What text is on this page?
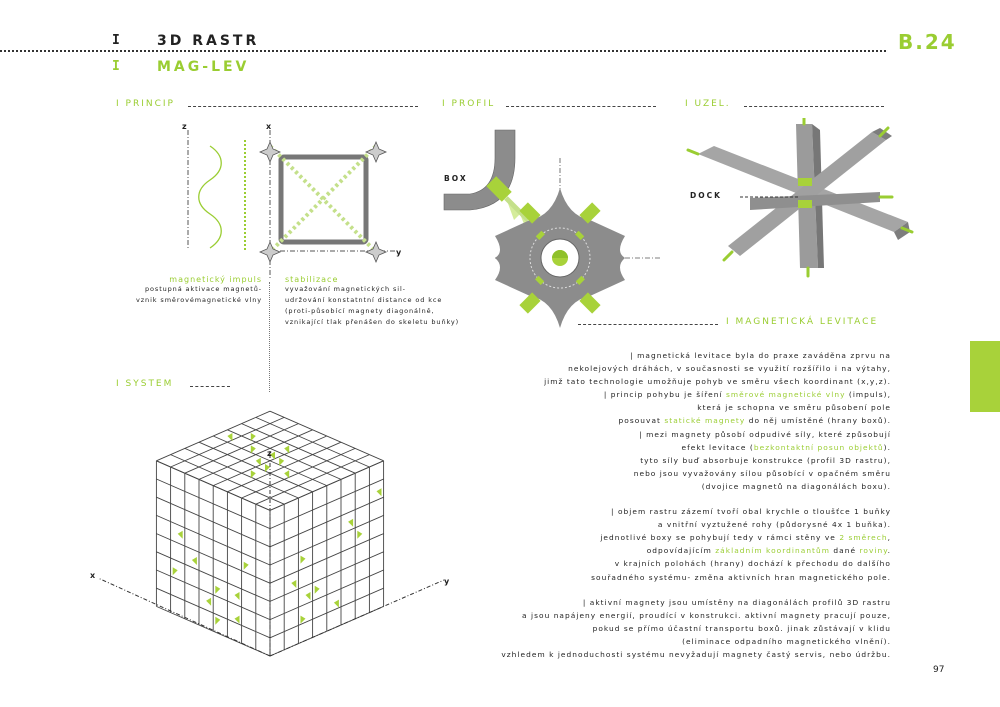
I 3D RASTR	B.24
I MAG-LEV
I PRINCIP	I PROFIL	I UZEL.
I SYSTEM
I MAGNETICKÁ LEVITACE
z	x
y
magnetický impuls
postupná aktivace magnetů-
vznik směrovémagnetické vlny
stabilizace
vyvažování magnetických sil-
udržování konstatntní distance od kce
(proti-působící magnety diagonálně,
vznikající tlak přenášen do skeletu buňky)
BOX
DOCK
z
x
y
| magnetická levitace byla do praxe zaváděna zprvu na
nekolejových dráhách, v současnosti se využití rozšířilo i na výtahy,
jimž tato technologie umožňuje pohyb ve směru všech koordinant (x,y,z).
| princip pohybu je šíření směrové magnetické vlny (impuls),
která je schopna ve směru působení pole
posouvat statické magnety do něj umístěné (hrany boxů).
| mezi magnety působí odpudivé síly, které způsobují
efekt levitace (bezkontaktní posun objektů).
tyto síly buď absorbuje konstrukce (profil 3D rastru),
nebo jsou vyvažovány sílou působící v opačném směru
(dvojice magnetů na diagonálách boxu).
| objem rastru zázemí tvoří obal krychle o tloušťce 1 buňky
a vnitřní vyztužené rohy (půdorysné 4x 1 buňka).
jednotlivé boxy se pohybují tedy v rámci stěny ve 2 směrech,
odpovídajícím základním koordinantům dané roviny.
v krajních polohách (hrany) dochází k přechodu do dalšího
souřadného systému- změna aktivních hran magnetického pole.
| aktivní magnety jsou umístěny na diagonálách profilů 3D rastru
a jsou napájeny energií, proudící v konstrukci. aktivní magnety pracují pouze,
pokud se přímo účastní transportu boxů. jinak zůstávají v klidu
(eliminace odpadního magnetického vlnění).
vzhledem k jednoduchosti systému nevyžadují magnety častý servis, nebo údržbu.
97
